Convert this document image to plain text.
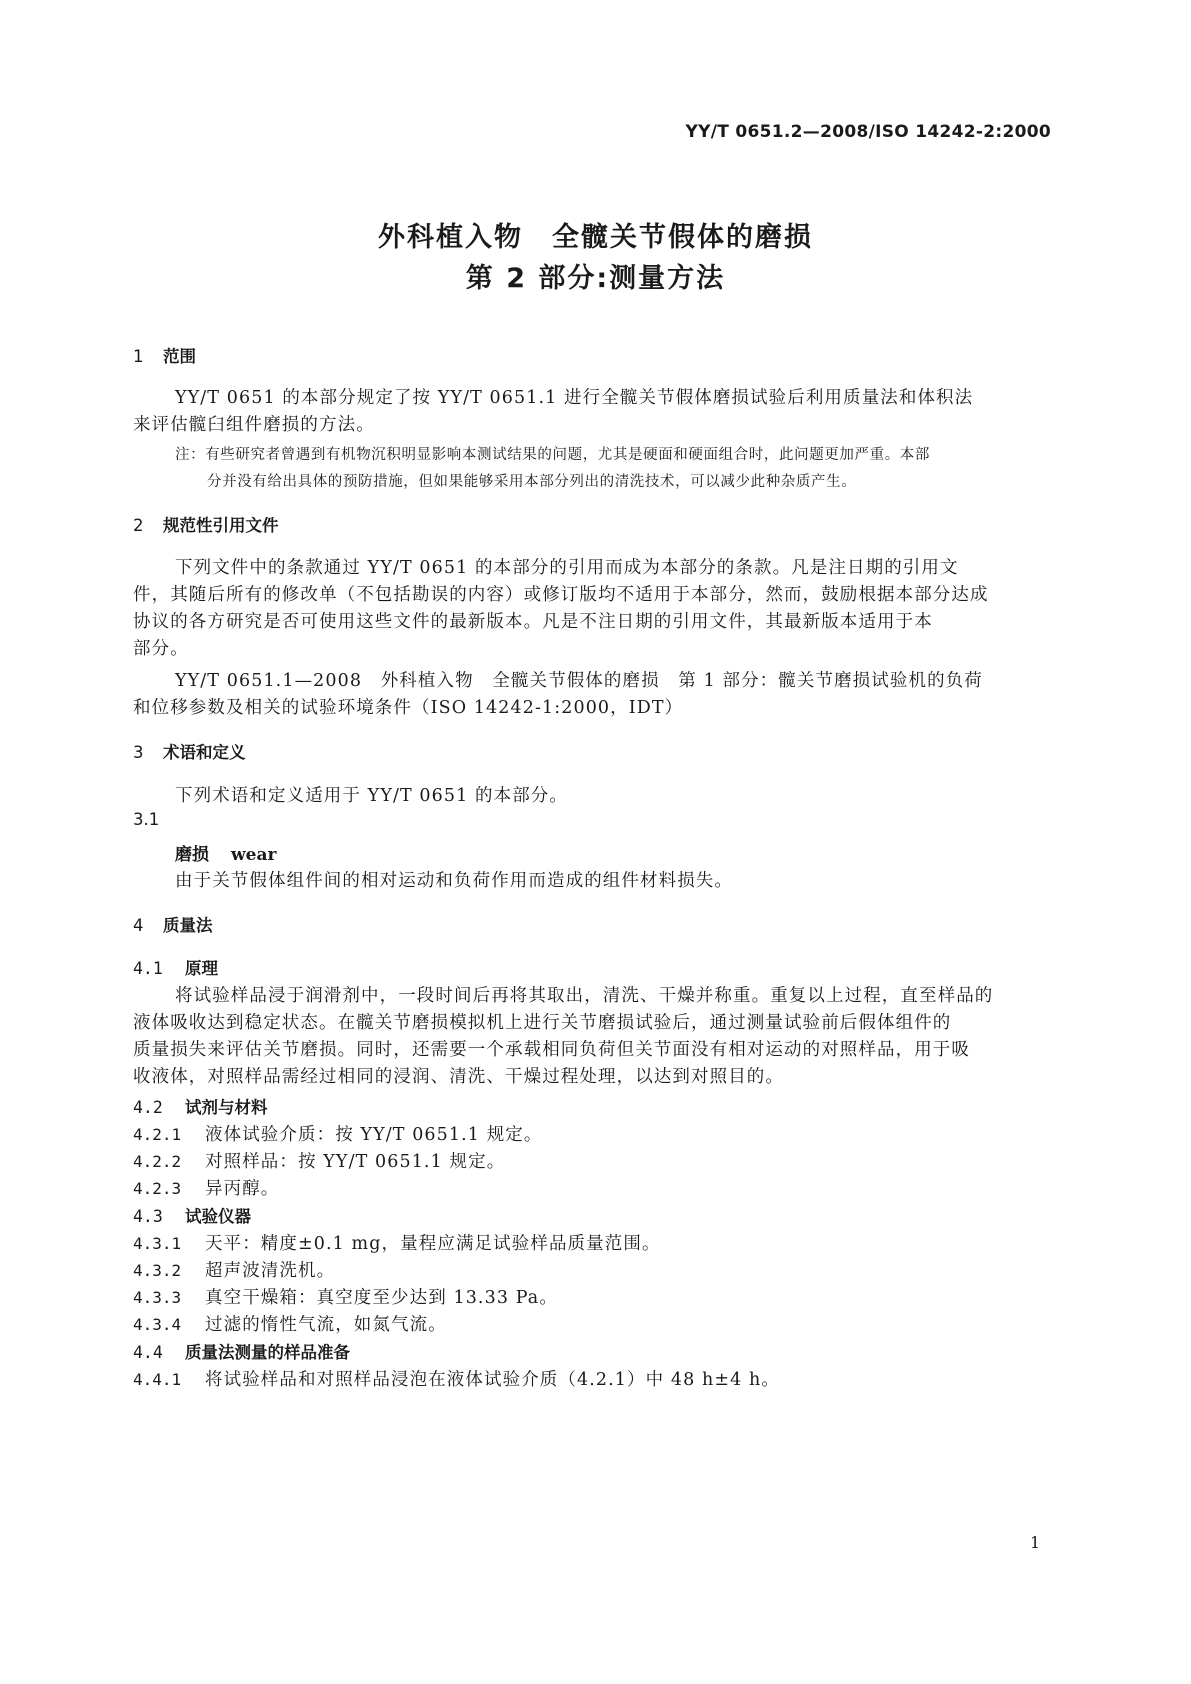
YY/T 0651.2—2008/ISO 14242-2:2000
外科植入物　全髋关节假体的磨损
第 2 部分:测量方法
1 范围
YY/T 0651 的本部分规定了按 YY/T 0651.1 进行全髋关节假体磨损试验后利用质量法和体积法
来评估髋臼组件磨损的方法。
注：有些研究者曾遇到有机物沉积明显影响本测试结果的问题，尤其是硬面和硬面组合时，此问题更加严重。本部
分并没有给出具体的预防措施，但如果能够采用本部分列出的清洗技术，可以减少此种杂质产生。
2 规范性引用文件
下列文件中的条款通过 YY/T 0651 的本部分的引用而成为本部分的条款。凡是注日期的引用文
件，其随后所有的修改单（不包括勘误的内容）或修订版均不适用于本部分，然而，鼓励根据本部分达成
协议的各方研究是否可使用这些文件的最新版本。凡是不注日期的引用文件，其最新版本适用于本
部分。
YY/T 0651.1—2008　外科植入物　全髋关节假体的磨损　第 1 部分：髋关节磨损试验机的负荷
和位移参数及相关的试验环境条件（ISO 14242-1:2000，IDT）
3 术语和定义
下列术语和定义适用于 YY/T 0651 的本部分。
3.1
磨损 wear
由于关节假体组件间的相对运动和负荷作用而造成的组件材料损失。
4 质量法
4.1 原理
将试验样品浸于润滑剂中，一段时间后再将其取出，清洗、干燥并称重。重复以上过程，直至样品的
液体吸收达到稳定状态。在髋关节磨损模拟机上进行关节磨损试验后，通过测量试验前后假体组件的
质量损失来评估关节磨损。同时，还需要一个承载相同负荷但关节面没有相对运动的对照样品，用于吸
收液体，对照样品需经过相同的浸润、清洗、干燥过程处理，以达到对照目的。
4.2 试剂与材料
4.2.1 液体试验介质：按 YY/T 0651.1 规定。
4.2.2 对照样品：按 YY/T 0651.1 规定。
4.2.3 异丙醇。
4.3 试验仪器
4.3.1 天平：精度±0.1 mg，量程应满足试验样品质量范围。
4.3.2 超声波清洗机。
4.3.3 真空干燥箱：真空度至少达到 13.33 Pa。
4.3.4 过滤的惰性气流，如氮气流。
4.4 质量法测量的样品准备
4.4.1 将试验样品和对照样品浸泡在液体试验介质（4.2.1）中 48 h±4 h。
1
